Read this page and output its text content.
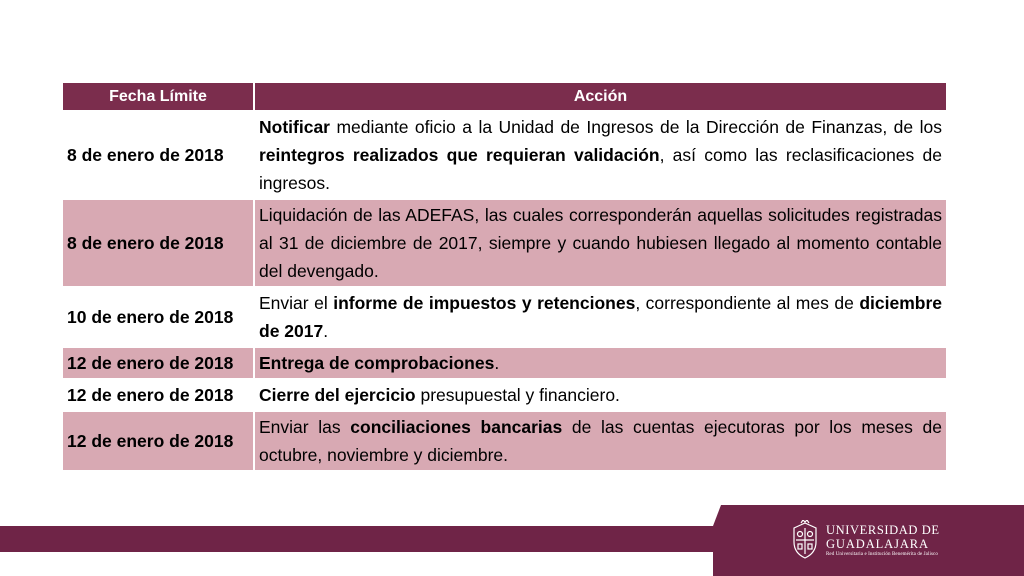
Fecha Límite	Acción
8 de enero de 2018	Notificar mediante oficio a la Unidad de Ingresos de la Dirección de Finanzas, de los reintegros realizados que requieran validación, así como las reclasificaciones de ingresos.
8 de enero de 2018	Liquidación de las ADEFAS, las cuales corresponderán aquellas solicitudes registradas al 31 de diciembre de 2017, siempre y cuando hubiesen llegado al momento contable del devengado.
10 de enero de 2018	Enviar el informe de impuestos y retenciones, correspondiente al mes de diciembre de 2017.
12 de enero de 2018	Entrega de comprobaciones.
12 de enero de 2018	Cierre del ejercicio presupuestal y financiero.
12 de enero de 2018	Enviar las conciliaciones bancarias de las cuentas ejecutoras por los meses de octubre, noviembre y diciembre.
UNIVERSIDAD DE
GUADALAJARA
Red Universitaria e Institución Benemérita de Jalisco
